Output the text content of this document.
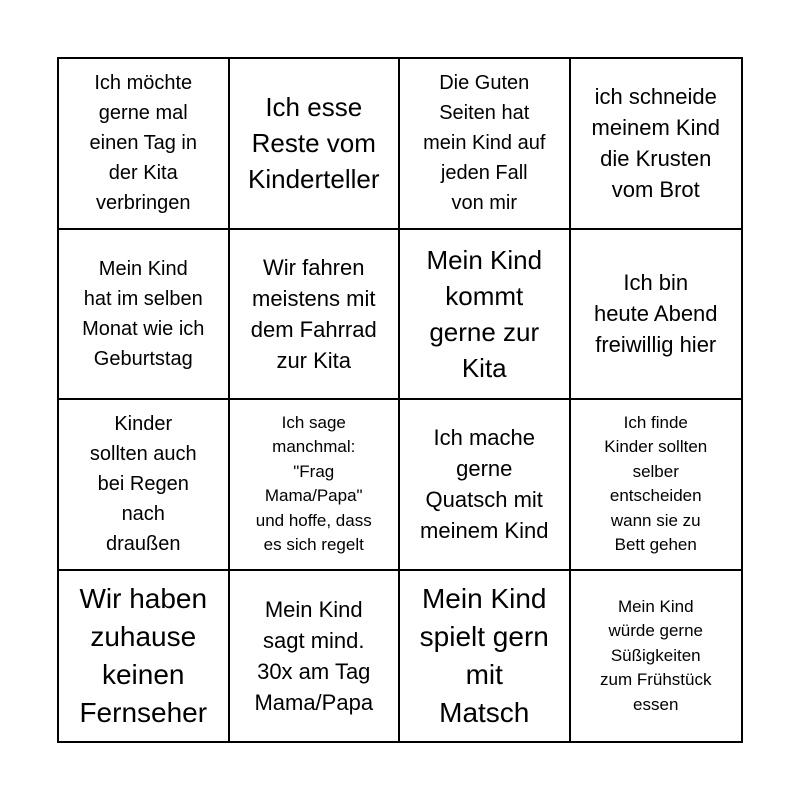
Ich möchte
gerne mal
einen Tag in
der Kita
verbringen
Ich esse
Reste vom
Kinderteller
Die Guten
Seiten hat
mein Kind auf
jeden Fall
von mir
ich schneide
meinem Kind
die Krusten
vom Brot
Mein Kind
hat im selben
Monat wie ich
Geburtstag
Wir fahren
meistens mit
dem Fahrrad
zur Kita
Mein Kind
kommt
gerne zur
Kita
Ich bin
heute Abend
freiwillig hier
Kinder
sollten auch
bei Regen
nach
draußen
Ich sage
manchmal:
"Frag
Mama/Papa"
und hoffe, dass
es sich regelt
Ich mache
gerne
Quatsch mit
meinem Kind
Ich finde
Kinder sollten
selber
entscheiden
wann sie zu
Bett gehen
Wir haben
zuhause
keinen
Fernseher
Mein Kind
sagt mind.
30x am Tag
Mama/Papa
Mein Kind
spielt gern
mit
Matsch
Mein Kind
würde gerne
Süßigkeiten
zum Frühstück
essen
